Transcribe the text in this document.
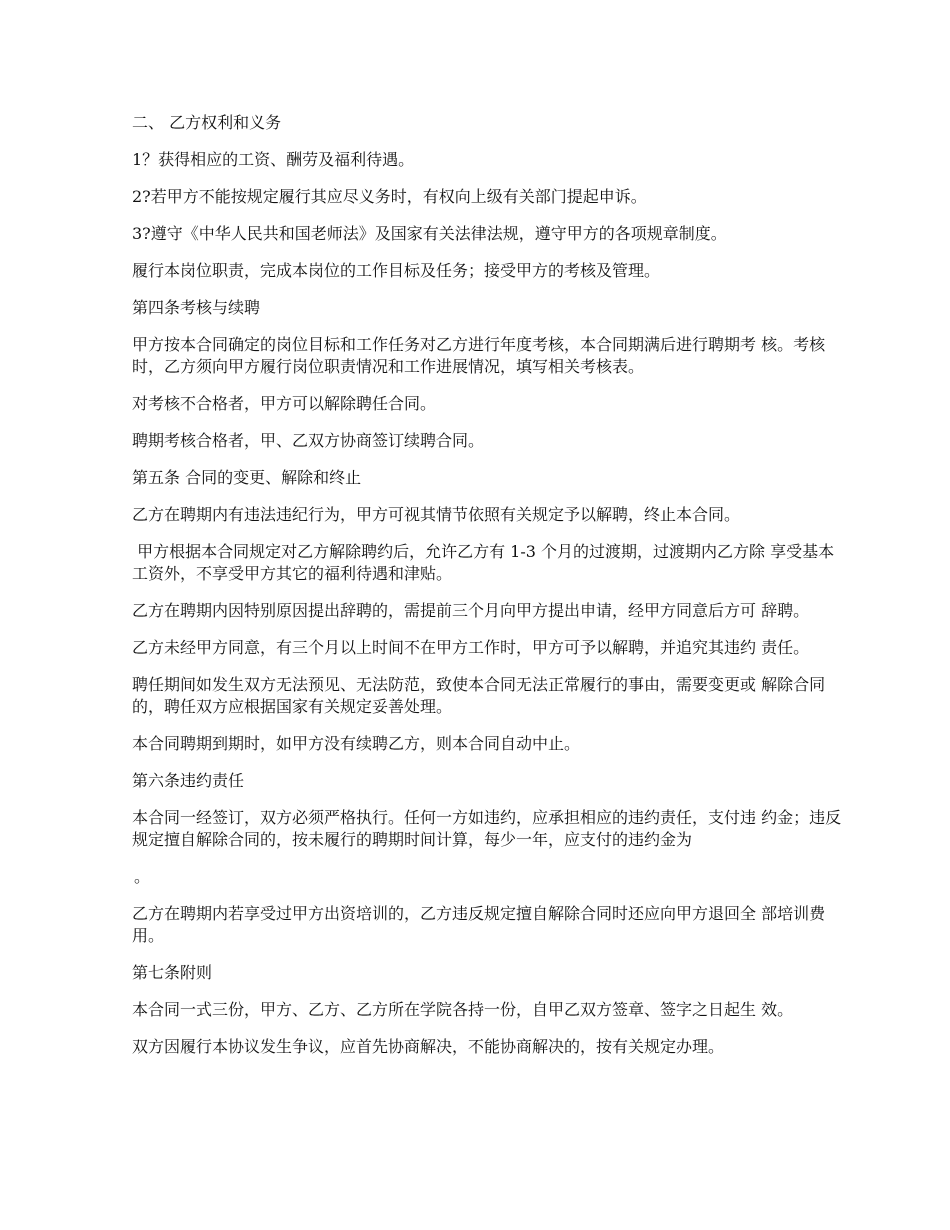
二、 乙方权利和义务

1？获得相应的工资、酬劳及福利待遇。

2?若甲方不能按规定履行其应尽义务时，有权向上级有关部门提起申诉。

3?遵守《中华人民共和国老师法》及国家有关法律法规，遵守甲方的各项规章制度。

履行本岗位职责，完成本岗位的工作目标及任务；接受甲方的考核及管理。

第四条考核与续聘

甲方按本合同确定的岗位目标和工作任务对乙方进行年度考核，本合同期满后进行聘期考 核。考核时，乙方须向甲方履行岗位职责情况和工作进展情况，填写相关考核表。

对考核不合格者，甲方可以解除聘任合同。

聘期考核合格者，甲、乙双方协商签订续聘合同。

第五条 合同的变更、解除和终止

乙方在聘期内有违法违纪行为，甲方可视其情节依照有关规定予以解聘，终止本合同。

甲方根据本合同规定对乙方解除聘约后，允许乙方有 1-3 个月的过渡期，过渡期内乙方除 享受基本工资外，不享受甲方其它的福利待遇和津贴。

乙方在聘期内因特别原因提出辞聘的，需提前三个月向甲方提出申请，经甲方同意后方可 辞聘。

乙方未经甲方同意，有三个月以上时间不在甲方工作时，甲方可予以解聘，并追究其违约 责任。

聘任期间如发生双方无法预见、无法防范，致使本合同无法正常履行的事由，需要变更或 解除合同的，聘任双方应根据国家有关规定妥善处理。

本合同聘期到期时，如甲方没有续聘乙方，则本合同自动中止。

第六条违约责任

本合同一经签订，双方必须严格执行。任何一方如违约，应承担相应的违约责任，支付违 约金；违反规定擅自解除合同的，按未履行的聘期时间计算，每少一年，应支付的违约金为

。

乙方在聘期内若享受过甲方出资培训的，乙方违反规定擅自解除合同时还应向甲方退回全 部培训费用。

第七条附则

本合同一式三份，甲方、乙方、乙方所在学院各持一份，自甲乙双方签章、签字之日起生 效。

双方因履行本协议发生争议，应首先协商解决，不能协商解决的，按有关规定办理。
